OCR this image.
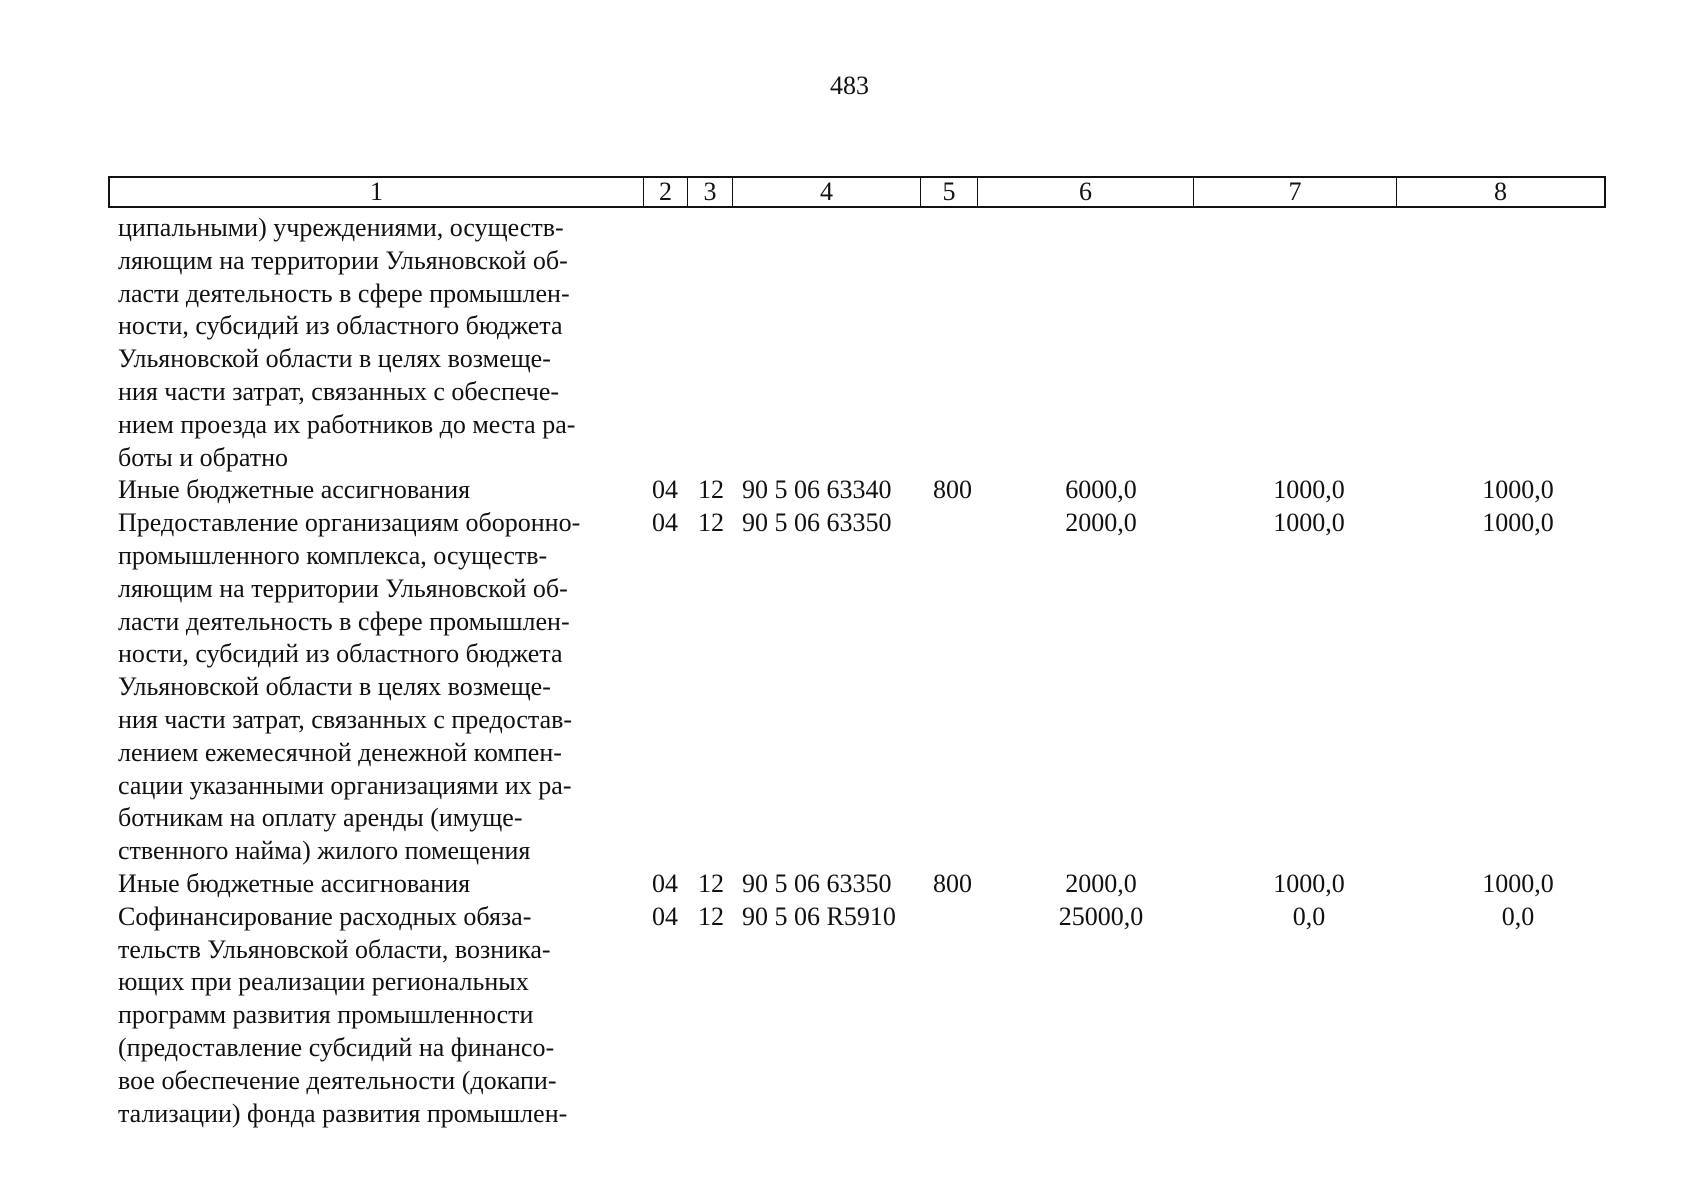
483
1	2	3	4	5	6	7	8
ципальными) учреждениями, осуществ-
ляющим на территории Ульяновской об-
ласти деятельность в сфере промышлен-
ности, субсидий из областного бюджета
Ульяновской области в целях возмеще-
ния части затрат, связанных с обеспече-
нием проезда их работников до места ра-
боты и обратно
Иные бюджетные ассигнования	04 12 90 5 06 63340 800	6000,0	1000,0	1000,0
Предоставление организациям оборонно-
промышленного комплекса, осуществ-
ляющим на территории Ульяновской об-
ласти деятельность в сфере промышлен-
ности, субсидий из областного бюджета
Ульяновской области в целях возмеще-
ния части затрат, связанных с предостав-
лением ежемесячной денежной компен-
сации указанными организациями их ра-
ботникам на оплату аренды (имуще-
ственного найма) жилого помещения
04 12 90 5 06 63350	2000,0	1000,0	1000,0
Иные бюджетные ассигнования	04 12 90 5 06 63350 800	2000,0	1000,0	1000,0
Софинансирование расходных обяза-
тельств Ульяновской области, возника-
ющих при реализации региональных
программ развития промышленности
(предоставление субсидий на финансо-
вое обеспечение деятельности (докапи-
тализации) фонда развития промышлен-
04 12 90 5 06 R5910	25000,0	0,0	0,0
